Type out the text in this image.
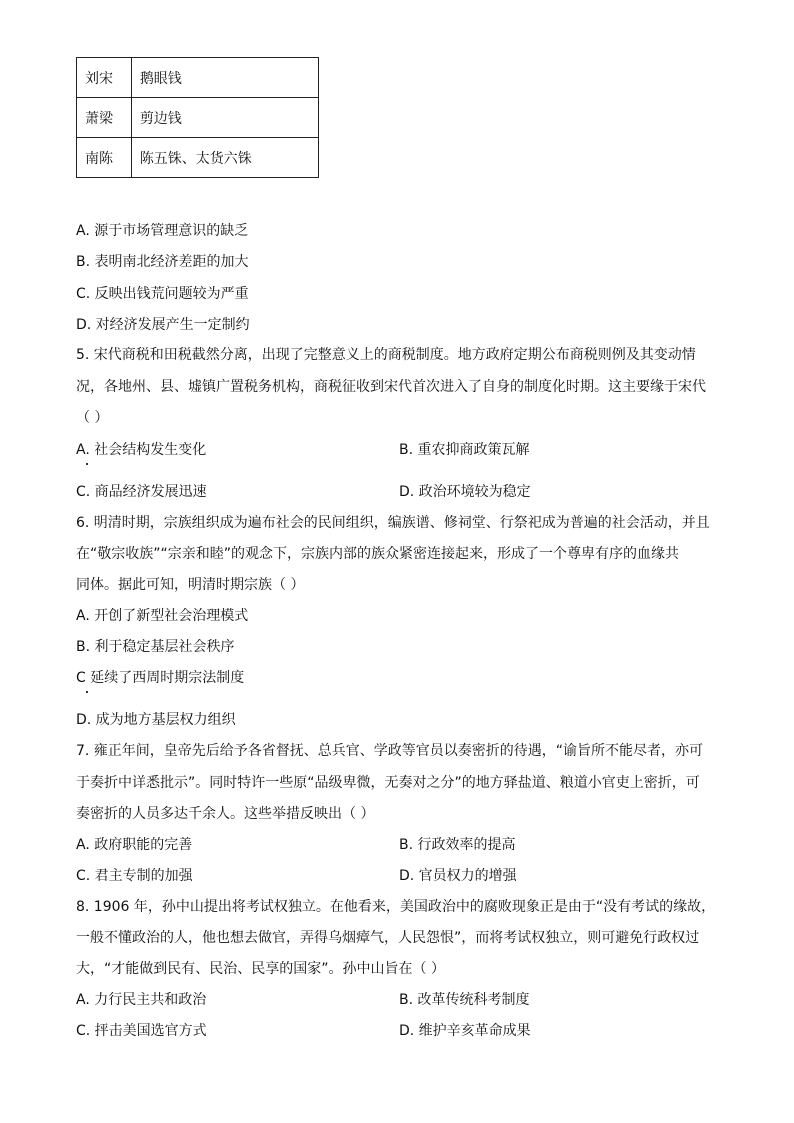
刘宋	鹅眼钱
萧梁	剪边钱
南陈	陈五铢、太货六铢
A. 源于市场管理意识的缺乏
B. 表明南北经济差距的加大
C. 反映出钱荒问题较为严重
D. 对经济发展产生一定制约
5. 宋代商税和田税截然分离，出现了完整意义上的商税制度。地方政府定期公布商税则例及其变动情
况，各地州、县、墟镇广置税务机构，商税征收到宋代首次进入了自身的制度化时期。这主要缘于宋代
（ ）
A. 社会结构发生变化	B. 重农抑商政策瓦解
C. 商品经济发展迅速	D. 政治环境较为稳定
6. 明清时期，宗族组织成为遍布社会的民间组织，编族谱、修祠堂、行祭祀成为普遍的社会活动，并且
在“敬宗收族”“宗亲和睦”的观念下，宗族内部的族众紧密连接起来，形成了一个尊卑有序的血缘共
同体。据此可知，明清时期宗族（ ）
A. 开创了新型社会治理模式
B. 利于稳定基层社会秩序
C 延续了西周时期宗法制度
D. 成为地方基层权力组织
7. 雍正年间，皇帝先后给予各省督抚、总兵官、学政等官员以奏密折的待遇，“谕旨所不能尽者，亦可
于奏折中详悉批示”。同时特许一些原“品级卑微，无奏对之分”的地方驿盐道、粮道小官吏上密折，可
奏密折的人员多达千余人。这些举措反映出（ ）
A. 政府职能的完善	B. 行政效率的提高
C. 君主专制的加强	D. 官员权力的增强
8. 1906 年，孙中山提出将考试权独立。在他看来，美国政治中的腐败现象正是由于“没有考试的缘故，
一般不懂政治的人，他也想去做官，弄得乌烟瘴气，人民怨恨”，而将考试权独立，则可避免行政权过
大，“才能做到民有、民治、民享的国家”。孙中山旨在（ ）
A. 力行民主共和政治	B. 改革传统科考制度
C. 抨击美国选官方式	D. 维护辛亥革命成果
